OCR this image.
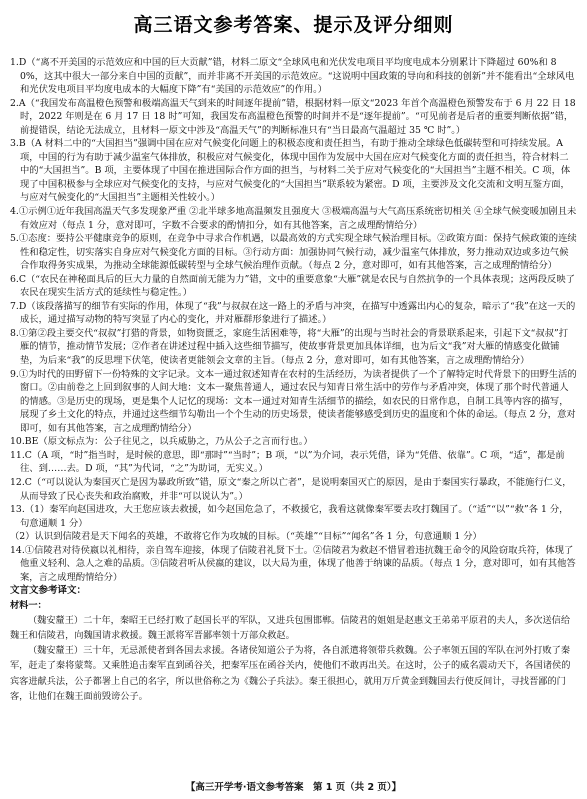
高三语文参考答案、提示及评分细则

1.D（“离不开美国的示范效应和中国的巨大贡献”错，材料二原文“全球风电和光伏发电项目平均度电成本分别累计下降超过 60%和 80%，这其中很大一部分来自中国的贡献”，而并非离不开美国的示范效应。“这说明中国政策的导向和科技的创新”并不能看出“全球风电和光伏发电项目平均度电成本的大幅度下降”有“美国的示范效应”的作用。）

2.A（“我国发布高温橙色预警和极端高温天气到来的时间逐年提前”错，根据材料一原文“2023 年首个高温橙色预警发布于 6 月 22 日 18 时，2022 年则是在 6 月 17 日 18 时”可知，我国发布高温橙色预警的时间并不是“逐年提前”。“可见前者是后者的重要判断依据”错，前提错误，结论无法成立，且材料一原文中涉及“高温天气”的判断标准只有“当日最高气温超过 35 ℃ 时”。）

3.B（A 材料二中的“大国担当”强调中国在应对气候变化问题上的积极态度和责任担当，有助于推动全球绿色低碳转型和可持续发展。A 项，中国的行为有助于减少温室气体排放，积极应对气候变化，体现中国作为发展中大国在应对气候变化方面的责任担当，符合材料二中的“大国担当”。B 项，主要体现了中国在推进国际合作方面的担当，与材料二关于应对气候变化的“大国担当”主题不相关。C 项，体现了中国积极参与全球应对气候变化的支持，与应对气候变化的“大国担当”联系较为紧密。D 项，主要涉及文化交流和文明互鉴方面，与应对气候变化的“大国担当”主题相关性较小。）

4.①示例①近年我国高温天气多发现象严重 ②北半球多地高温频发且强度大 ③极端高温与大气高压系统密切相关 ④全球气候变暖加剧且未有效应对（每点 1 分，意对即可，字数不合要求的酌情扣分，如有其他答案，言之成理酌情给分）

5.①态度：要持公平健康竞争的原则，在竞争中寻求合作机遇，以最高效的方式实现全球气候治理目标。②政策方面：保持气候政策的连续性和稳定性，切实落实自身应对气候变化方面的目标。③行动方面：加强协同气候行动，减少温室气体排放，努力推动双边或多边气候合作取得务实成果，为推动全球能源低碳转型与全球气候治理作贡献。（每点 2 分，意对即可，如有其他答案，言之成理酌情给分）

6.C（“农民在神秘面具后的巨大力量的自然面前无能为力”错，文中的重要意象“大雁”就是农民与自然抗争的一个具体表现；这两段反映了农民在现实生活方式的延续性与稳定性。）

7.D（该段落描写的细节有实际的作用，体现了“我”与叔叔在这一路上的矛盾与冲突，在描写中透露出内心的复杂，暗示了“我”在这一天的成长，通过描写动物的特写突显了内心的变化，并对雁群形象进行了描述。）

8.①第②段主要交代“叔叔”打猎的背景，如物资匮乏，家庭生活困难等，将“大雁”的出现与当时社会的背景联系起来，引起下文“叔叔”打雁的情节，推动情节发展；②作者在讲述过程中插入这些细节描写，使故事背景更加具体详细，也为后文“我”对大雁的情感变化做铺垫，为后来“我”的反思埋下伏笔，使读者更能领会文章的主旨。（每点 2 分，意对即可，如有其他答案，言之成理酌情给分）

9.①为时代的田野留下一份特殊的文字记录。文本一通过叙述知青在农村的生活经历，为读者提供了一个了解特定时代背景下的田野生活的窗口。②由前卷之上回到叙事的人间大地：文本一聚焦普通人，通过农民与知青日常生活中的劳作与矛盾冲突，体现了那个时代普通人的情感。③是历史的现场，更是集个人记忆的现场：文本一通过对知青生活细节的描绘，如农民的日常作息，自制工具等内容的描写，展现了乡土文化的特点，并通过这些细节勾勒出一个个生动的历史场景，使读者能够感受到历史的温度和个体的命运。（每点 2 分，意对即可，如有其他答案，言之成理酌情给分）

10.BE（原文标点为：公子往见之，以兵威胁之，乃从公子之言而行也。）

11.C（A 项，“时”指当时，是时候的意思，即“那时”“当时”；B 项，“以”为介词，表示凭借，译为“凭借、依靠”。C 项，“适”，都是前往、到……去。D 项，“其”为代词，“之”为助词，无实义。）

12.C（“可以说认为秦国灭亡是因为暴政所致”错，原文“秦之所以亡者”，是说明秦国灭亡的原因，是由于秦国实行暴政，不能施行仁义，从而导致了民心丧失和政治腐败，并非“可以说认为”。）

13.（1）秦军向赵国进攻，大王您应该去救援，如今赵国危急了，不救援它，我看这就像秦军要去攻打魏国了。（“适”“以”“救”各 1 分，句意通顺 1 分）

（2）认识到信陵君是天下闻名的英雄，不敢将它作为攻城的目标。（“英雄”“目标”“闻名”各 1 分，句意通顺 1 分）

14.①信陵君对待侯嬴以礼相待，亲自驾车迎接，体现了信陵君礼贤下士。②信陵君为救赵不惜冒着违抗魏王命令的风险窃取兵符，体现了他重义轻利、急人之难的品质。③信陵君听从侯嬴的建议，以大局为重，体现了他善于纳谏的品质。（每点 1 分，意对即可，如有其他答案，言之成理酌情给分）

文言文参考译文：

材料一：

（魏安釐王）二十年，秦昭王已经打败了赵国长平的军队，又进兵包围邯郸。信陵君的姐姐是赵惠文王弟弟平原君的夫人，多次送信给魏王和信陵君，向魏国请求救援。魏王派将军晋鄙率领十万部众救赵。

（魏安釐王）三十年，无忌派使者到各国去求援。各诸侯知道公子为将，各自派遣将领带兵救魏。公子率领五国的军队在河外打败了秦军，赶走了秦将蒙骜。又乘胜追击秦军直到函谷关，把秦军压在函谷关内，使他们不敢再出关。在这时，公子的威名震动天下，各国诸侯的宾客进献兵法，公子都署上自己的名字，所以世俗称之为《魏公子兵法》。秦王很担心，就用万斤黄金到魏国去行使反间计，寻找晋鄙的门客，让他们在魏王面前毁谤公子。

【高三开学考·语文参考答案　第 1 页（共 2 页）】
